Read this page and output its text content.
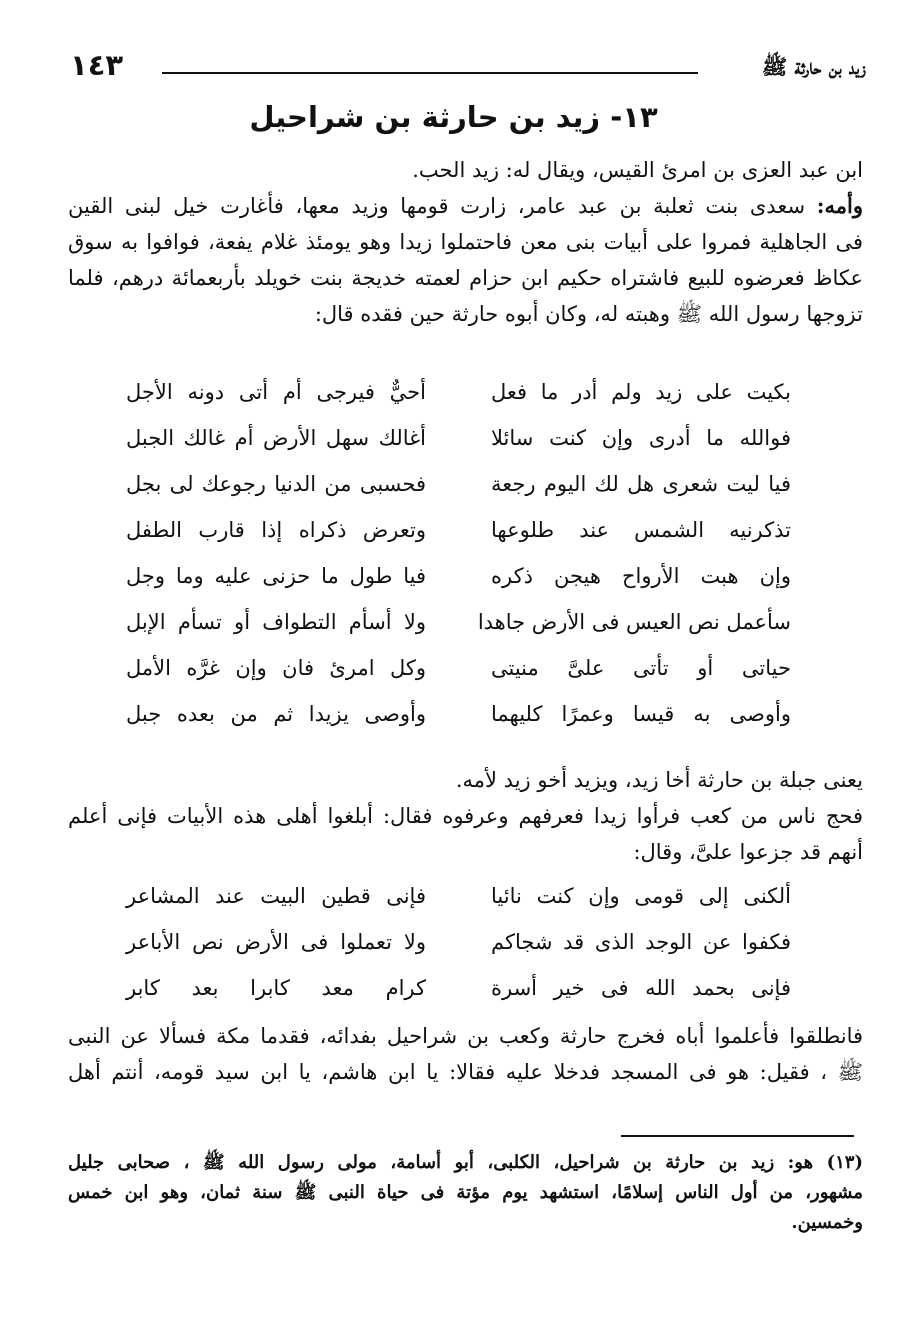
زيد بن حارثة ﷺ
١٤٣
١٣- زيد بن حارثة بن شراحيل
ابن عبد العزى بن امرئ القيس، ويقال له: زيد الحب.
وأمه: سعدى بنت ثعلبة بن عبد عامر، زارت قومها وزيد معها، فأغارت خيل لبنى القين
فى الجاهلية فمروا على أبيات بنى معن فاحتملوا زيدا وهو يومئذ غلام يفعة، فوافوا به سوق
عكاظ فعرضوه للبيع فاشتراه حكيم ابن حزام لعمته خديجة بنت خويلد بأربعمائة درهم، فلما
تزوجها رسول الله ﷺ وهبته له، وكان أبوه حارثة حين فقده قال:
بكيت على زيد ولم أدر ما فعل
أحيٌّ فيرجى أم أتى دونه الأجل
فوالله ما أدرى وإن كنت سائلا
أغالك سهل الأرض أم غالك الجبل
فيا ليت شعرى هل لك اليوم رجعة
فحسبى من الدنيا رجوعك لى بجل
تذكرنيه الشمس عند طلوعها
وتعرض ذكراه إذا قارب الطفل
وإن هبت الأرواح هيجن ذكره
فيا طول ما حزنى عليه وما وجل
سأعمل نص العيس فى الأرض جاهدا
ولا أسأم التطواف أو تسأم الإبل
حياتى أو تأتى علىَّ منيتى
وكل امرئ فان وإن غرَّه الأمل
وأوصى به قيسا وعمرًا كليهما
وأوصى يزيدا ثم من بعده جبل
يعنى جبلة بن حارثة أخا زيد، ويزيد أخو زيد لأمه.
فحج ناس من كعب فرأوا زيدا فعرفهم وعرفوه فقال: أبلغوا أهلى هذه الأبيات فإنى أعلم
أنهم قد جزعوا علىَّ، وقال:
ألكنى إلى قومى وإن كنت نائيا
فإنى قطين البيت عند المشاعر
فكفوا عن الوجد الذى قد شجاكم
ولا تعملوا فى الأرض نص الأباعر
فإنى بحمد الله فى خير أسرة
كرام معد كابرا بعد كابر
فانطلقوا فأعلموا أباه فخرج حارثة وكعب بن شراحيل بفدائه، فقدما مكة فسألا عن النبى
ﷺ ، فقيل: هو فى المسجد فدخلا عليه فقالا: يا ابن هاشم، يا ابن سيد قومه، أنتم أهل
(١٣) هو: زيد بن حارثة بن شراحيل، الكلبى، أبو أسامة، مولى رسول الله ﷺ ، صحابى جليل
مشهور، من أول الناس إسلامًا، استشهد يوم مؤتة فى حياة النبى ﷺ سنة ثمان، وهو ابن خمس
وخمسين.
